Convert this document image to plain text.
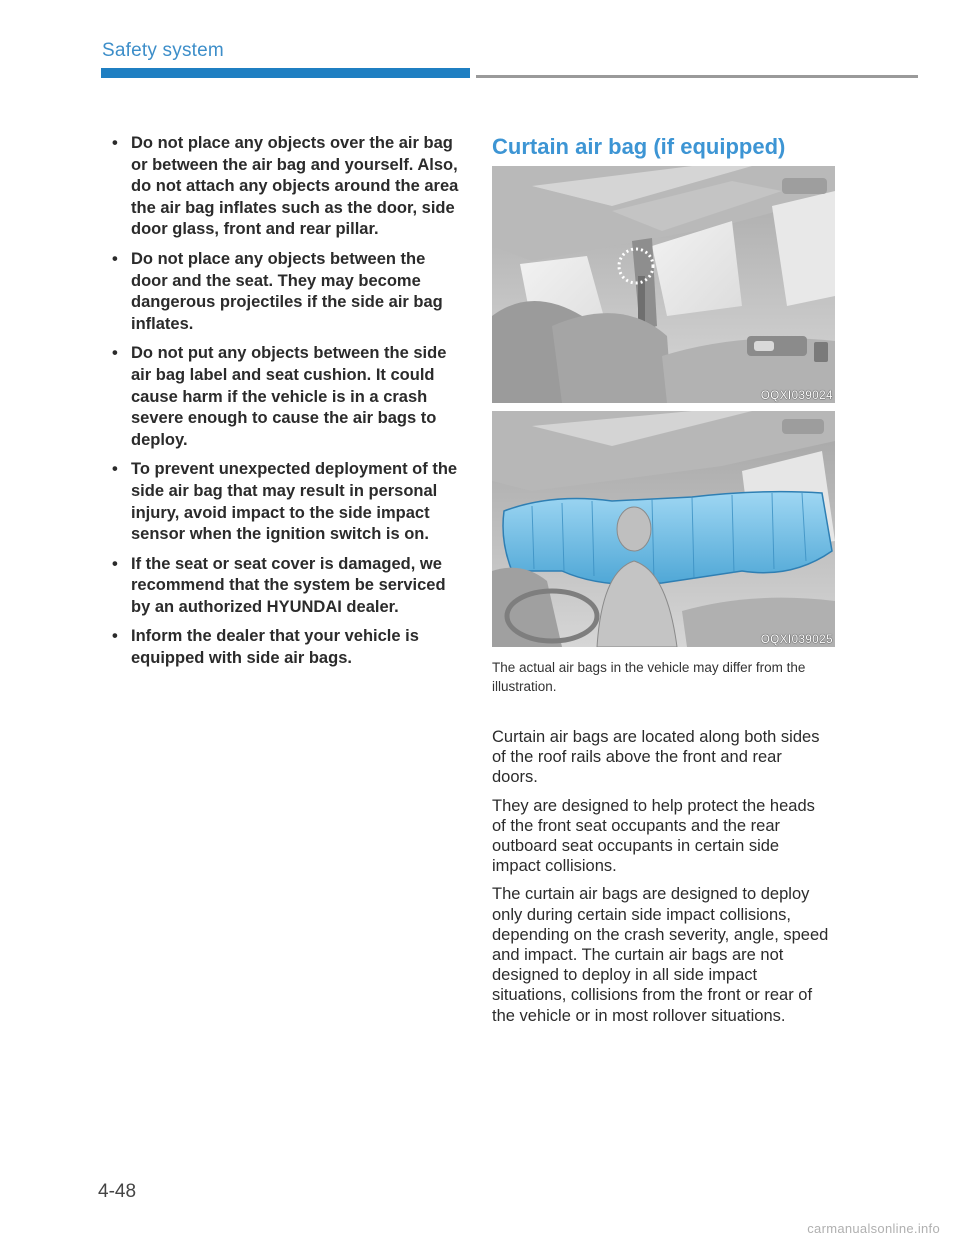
Safety system
• Do not place any objects over the air bag or between the air bag and yourself. Also, do not attach any objects around the area the air bag inflates such as the door, side door glass, front and rear pillar.
• Do not place any objects between the door and the seat. They may become dangerous projectiles if the side air bag inflates.
• Do not put any objects between the side air bag label and seat cushion. It could cause harm if the vehicle is in a crash severe enough to cause the air bags to deploy.
• To prevent unexpected deployment of the side air bag that may result in personal injury, avoid impact to the side impact sensor when the ignition switch is on.
• If the seat or seat cover is damaged, we recommend that the system be serviced by an authorized HYUNDAI dealer.
• Inform the dealer that your vehicle is equipped with side air bags.
Curtain air bag (if equipped)
OQXI039024
OQXI039025
The actual air bags in the vehicle may differ from the illustration.

Curtain air bags are located along both sides of the roof rails above the front and rear doors.

They are designed to help protect the heads of the front seat occupants and the rear outboard seat occupants in certain side impact collisions.

The curtain air bags are designed to deploy only during certain side impact collisions, depending on the crash severity, angle, speed and impact. The curtain air bags are not designed to deploy in all side impact situations, collisions from the front or rear of the vehicle or in most rollover situations.

4-48
carmanualsonline.info
